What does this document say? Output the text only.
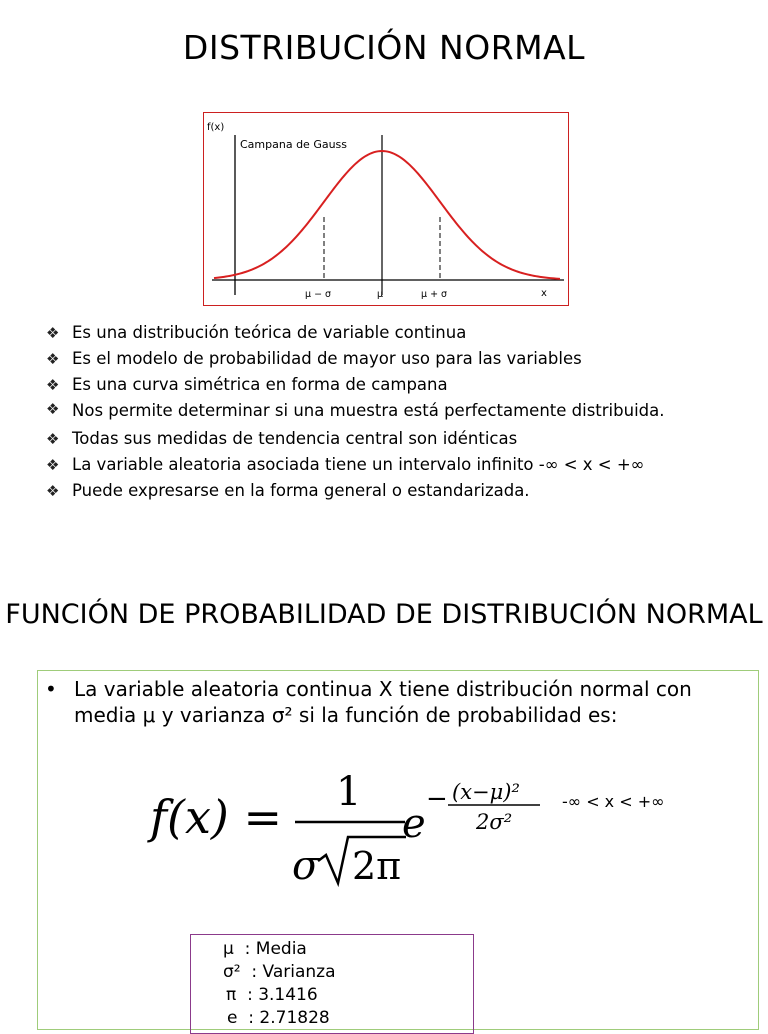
DISTRIBUCIÓN NORMAL
f(x)
Campana de Gauss
μ − σ	μ	μ + σ	x
❖ Es una distribución teórica de variable continua
❖ Es el modelo de probabilidad de mayor uso para las variables
❖ Es una curva simétrica en forma de campana
❖ Nos permite determinar si una muestra está perfectamente distribuida.
❖ Todas sus medidas de tendencia central son idénticas
❖ La variable aleatoria asociada tiene un intervalo infinito -∞ < x < +∞
❖ Puede expresarse en la forma general o estandarizada.
FUNCIÓN DE PROBABILIDAD DE DISTRIBUCIÓN NORMAL
• La variable aleatoria continua X tiene distribución normal con media μ y varianza σ² si la función de probabilidad es:
f(x) = 1
σ 2π
e
− (x−μ)²
2σ²
-∞ < x < +∞
μ : Media
σ² : Varianza
π : 3.1416
e : 2.71828
